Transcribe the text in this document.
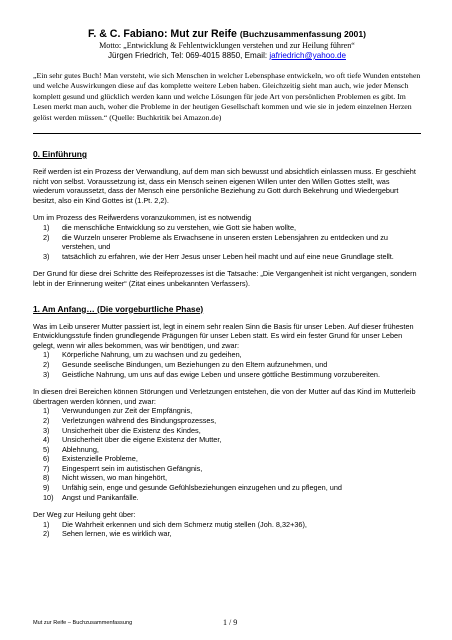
F. & C. Fabiano: Mut zur Reife (Buchzusammenfassung 2001)
Motto: „Entwicklung & Fehlentwicklungen verstehen und zur Heilung führen“
Jürgen Friedrich, Tel: 069-4015 8850, Email: jafriedrich@yahoo.de
„Ein sehr gutes Buch! Man versteht, wie sich Menschen in welcher Lebensphase entwickeln, wo oft tiefe Wunden entstehen und welche Auswirkungen diese auf das komplette weitere Leben haben. Gleichzeitig sieht man auch, wie jeder Mensch komplett gesund und glücklich werden kann und welche Lösungen für jede Art von persönlichen Problemen es gibt. Im Lesen merkt man auch, woher die Probleme in der heutigen Gesellschaft kommen und wie sie in jedem einzelnen Herzen gelöst werden müssen.“ (Quelle: Buchkritik bei Amazon.de)
0. Einführung

Reif werden ist ein Prozess der Verwandlung, auf dem man sich bewusst und absichtlich einlassen muss. Er geschieht nicht von selbst. Voraussetzung ist, dass ein Mensch seinen eigenen Willen unter den Willen Gottes stellt, was wiederum voraussetzt, dass der Mensch eine persönliche Beziehung zu Gott durch Bekehrung und Wiedergeburt besitzt, also ein Kind Gottes ist (1.Pt. 2,2).

Um im Prozess des Reifwerdens voranzukommen, ist es notwendig

1) die menschliche Entwicklung so zu verstehen, wie Gott sie haben wollte,
2) die Wurzeln unserer Probleme als Erwachsene in unseren ersten Lebensjahren zu entdecken und zu verstehen, und
3) tatsächlich zu erfahren, wie der Herr Jesus unser Leben heil macht und auf eine neue Grundlage stellt.

Der Grund für diese drei Schritte des Reifeprozesses ist die Tatsache: „Die Vergangenheit ist nicht vergangen, sondern lebt in der Erinnerung weiter“ (Zitat eines unbekannten Verfassers).

1. Am Anfang… (Die vorgeburtliche Phase)

Was im Leib unserer Mutter passiert ist, legt in einem sehr realen Sinn die Basis für unser Leben. Auf dieser frühesten Entwicklungsstufe finden grundlegende Prägungen für unser Leben statt. Es wird ein fester Grund für unser Leben gelegt, wenn wir alles bekommen, was wir benötigen, und zwar:

1) Körperliche Nahrung, um zu wachsen und zu gedeihen,
2) Gesunde seelische Bindungen, um Beziehungen zu den Eltern aufzunehmen, und
3) Geistliche Nahrung, um uns auf das ewige Leben und unsere göttliche Bestimmung vorzubereiten.

In diesen drei Bereichen können Störungen und Verletzungen entstehen, die von der Mutter auf das Kind im Mutterleib übertragen werden können, und zwar:

1) Verwundungen zur Zeit der Empfängnis,
2) Verletzungen während des Bindungsprozesses,
3) Unsicherheit über die Existenz des Kindes,
4) Unsicherheit über die eigene Existenz der Mutter,
5) Ablehnung,
6) Existenzielle Probleme,
7) Eingesperrt sein im autistischen Gefängnis,
8) Nicht wissen, wo man hingehört,
9) Unfähig sein, enge und gesunde Gefühlsbeziehungen einzugehen und zu pflegen, und
10) Angst und Panikanfälle.

Der Weg zur Heilung geht über:

1) Die Wahrheit erkennen und sich dem Schmerz mutig stellen (Joh. 8,32+36),
2) Sehen lernen, wie es wirklich war,
Mut zur Reife – Buchzusammenfassung	1 / 9
